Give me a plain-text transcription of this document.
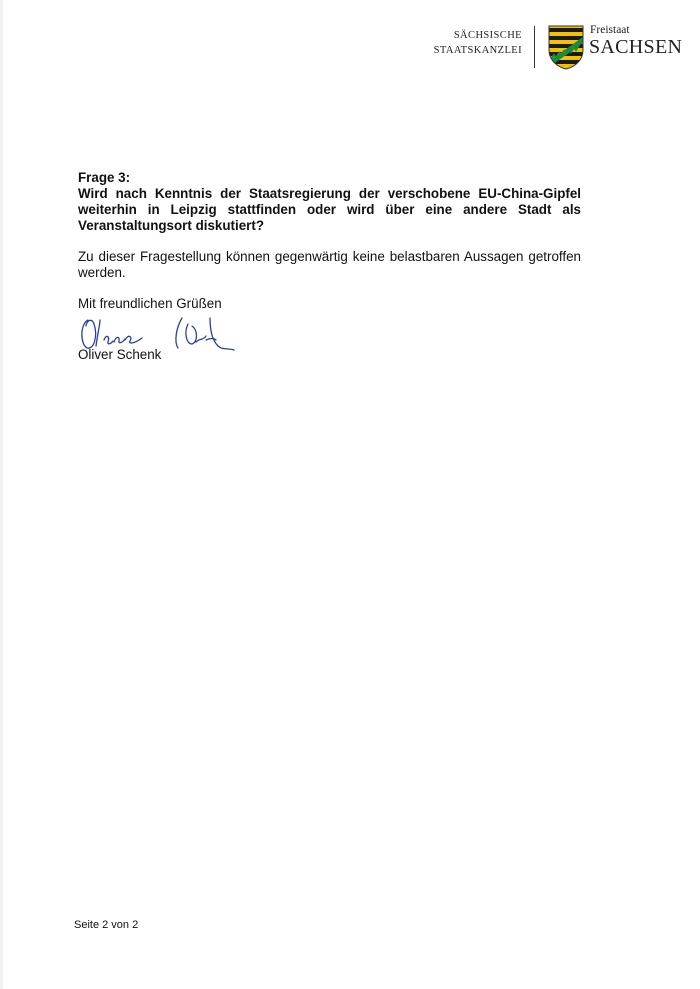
SÄCHSISCHE
STAATSKANZLEI
Freistaat
SACHSEN
Frage 3:
Wird nach Kenntnis der Staatsregierung der verschobene EU-China-Gipfel weiterhin in Leipzig stattfinden oder wird über eine andere Stadt als Veranstaltungsort diskutiert?
Zu dieser Fragestellung können gegenwärtig keine belastbaren Aussagen getroffen werden.
Mit freundlichen Grüßen
Oliver Schenk
Seite 2 von 2
